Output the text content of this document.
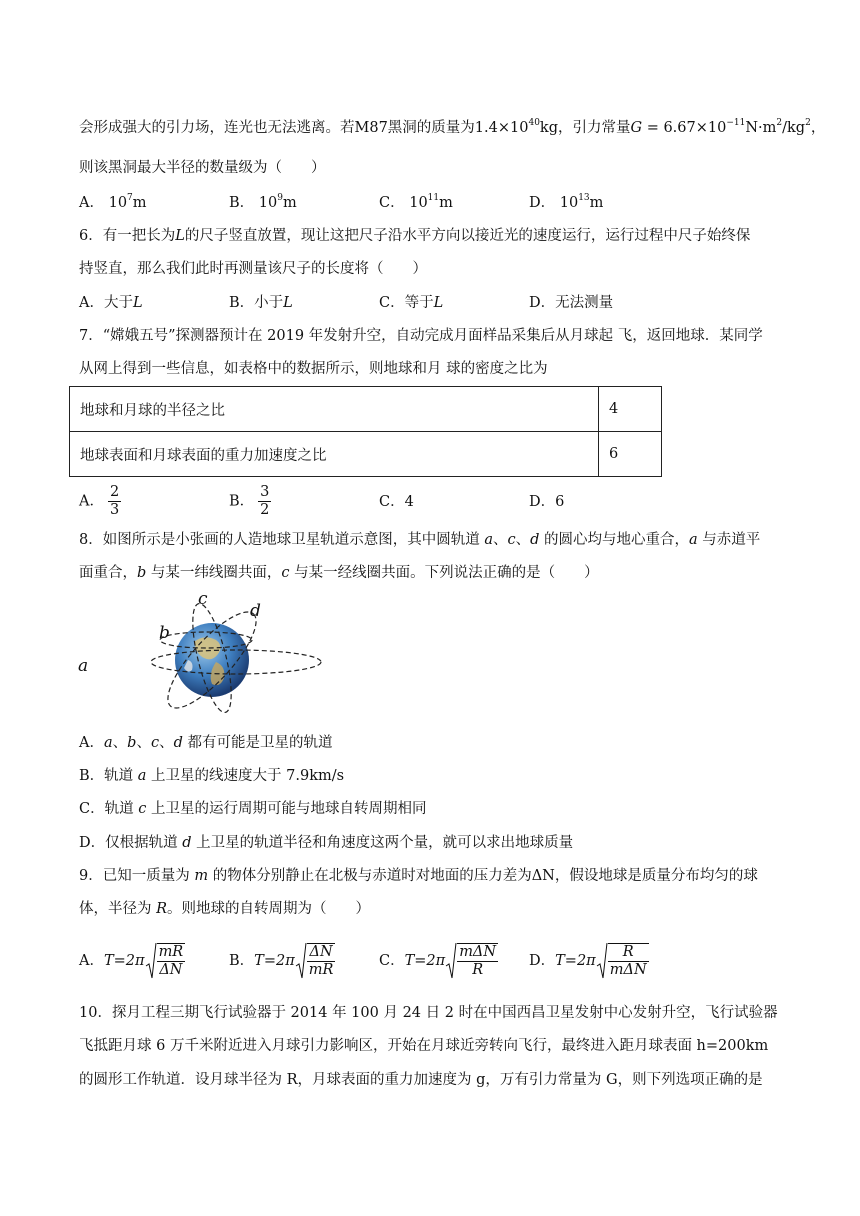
会形成强大的引力场，连光也无法逃离。若M87黑洞的质量为$1.4\times 10^{40}kg$，引力常量$G = 6.67\times 10^{-11}N\cdot m^2/kg^2$，
则该黑洞最大半径的数量级为（　　）
A． $10^7m$	B． $10^9m$	C． $10^{11}m$	D． $10^{13}m$
6．有一把长为L的尺子竖直放置，现让这把尺子沿水平方向以接近光的速度运行，运行过程中尺子始终保
持竖直，那么我们此时再测量该尺子的长度将（　　）
A．大于L	B．小于L	C．等于L	D．无法测量
7．“嫦娥五号”探测器预计在 2019 年发射升空，自动完成月面样品采集后从月球起 飞，返回地球．某同学
从网上得到一些信息，如表格中的数据所示，则地球和月 球的密度之比为
地球和月球的半径之比	4
地球表面和月球表面的重力加速度之比	6
A． $\frac{2}{3}$	B． $\frac{3}{2}$	C．4	D．6
8．如图所示是小张画的人造地球卫星轨道示意图，其中圆轨道 a、c、d 的圆心均与地心重合，a 与赤道平
面重合，b 与某一纬线圈共面，c 与某一经线圈共面。下列说法正确的是（　　）
a
b
c
d
A．a、b、c、d 都有可能是卫星的轨道
B．轨道 a 上卫星的线速度大于 7.9km/s
C．轨道 c 上卫星的运行周期可能与地球自转周期相同
D．仅根据轨道 d 上卫星的轨道半径和角速度这两个量，就可以求出地球质量
9．已知一质量为 m 的物体分别静止在北极与赤道时对地面的压力差为ΔN，假设地球是质量分布均匀的球
体，半径为 R。则地球的自转周期为（　　）
A．$T=2\pi \frac{mR}{\Delta N}$	B．$T=2\pi \frac{\Delta N}{mR}$	C．$T=2\pi \frac{\text{mΔN}}{R}$ D．$T=2\pi \frac{R}{\text{mΔN}}$
10．探月工程三期飞行试验器于 2014 年 100 月 24 日 2 时在中国西昌卫星发射中心发射升空，飞行试验器
飞抵距月球 6 万千米附近进入月球引力影响区，开始在月球近旁转向飞行，最终进入距月球表面 h=200km
的圆形工作轨道．设月球半径为 R，月球表面的重力加速度为 g，万有引力常量为 G，则下列选项正确的是
